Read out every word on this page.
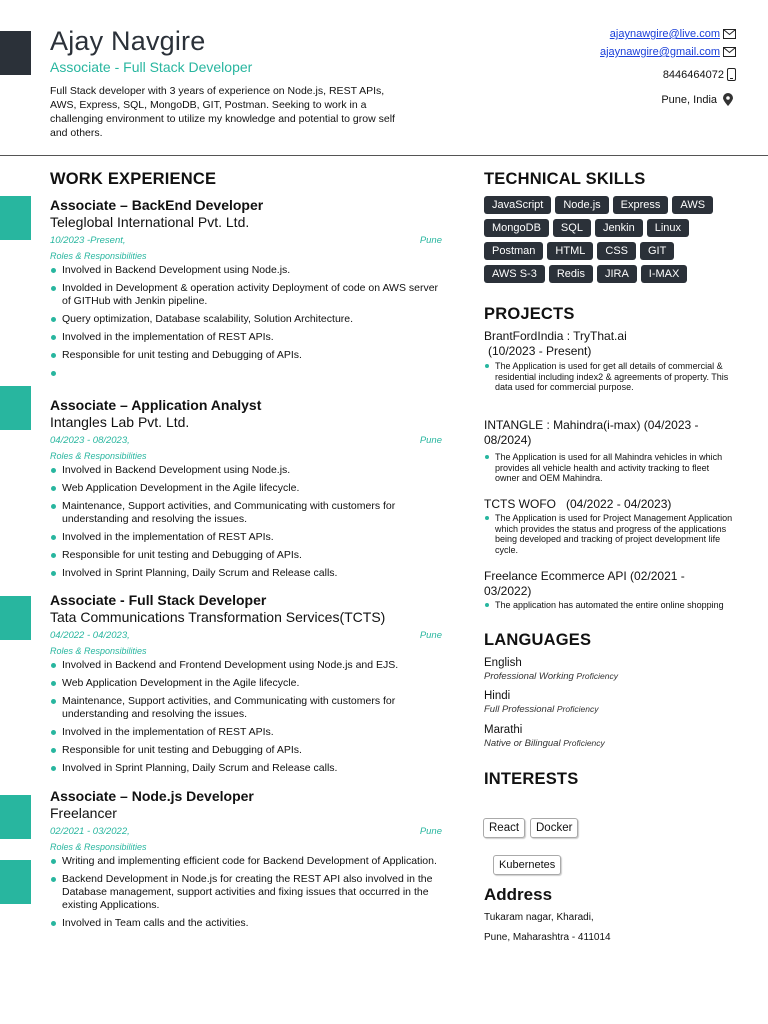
Ajay Navgire
Associate - Full Stack Developer
Full Stack developer with 3 years of experience on Node.js, REST APIs, AWS, Express, SQL, MongoDB, GIT, Postman. Seeking to work in a challenging environment to utilize my knowledge and potential to grow self and others.
ajaynawgire@live.com
ajaynawgire@gmail.com
8446464072
Pune, India
WORK EXPERIENCE
Associate – BackEnd Developer
Teleglobal International Pvt. Ltd.
10/2023 -Present,	Pune
Roles & Responsibilities
Involved in Backend Development using Node.js.
Involded in Development & operation activity Deployment of code on AWS server of GITHub with Jenkin pipeline.
Query optimization, Database scalability, Solution Architecture.
Involved in the implementation of REST APIs.
Responsible for unit testing and Debugging of APIs.
Associate – Application Analyst
Intangles Lab Pvt. Ltd.
04/2023 - 08/2023,	Pune
Roles & Responsibilities
Involved in Backend Development using Node.js.
Web Application Development in the Agile lifecycle.
Maintenance, Support activities, and Communicating with customers for understanding and resolving the issues.
Involved in the implementation of REST APIs.
Responsible for unit testing and Debugging of APIs.
Involved in Sprint Planning, Daily Scrum and Release calls.
Associate - Full Stack Developer
Tata Communications Transformation Services(TCTS)
04/2022 - 04/2023,	Pune
Roles & Responsibilities
Involved in Backend and Frontend Development using Node.js and EJS.
Web Application Development in the Agile lifecycle.
Maintenance, Support activities, and Communicating with customers for understanding and resolving the issues.
Involved in the implementation of REST APIs.
Responsible for unit testing and Debugging of APIs.
Involved in Sprint Planning, Daily Scrum and Release calls.
Associate – Node.js Developer
Freelancer
02/2021 - 03/2022,	Pune
Roles & Responsibilities
Writing and implementing efficient code for Backend Development of Application.
Backend Development in Node.js for creating the REST API also involved in the Database management, support activities and fixing issues that occurred in the existing Applications.
Involved in Team calls and the activities.
TECHNICAL SKILLS
JavaScript	Node.js	Express	AWS
MongoDB	SQL	Jenkin	Linux
Postman	HTML	CSS	GIT
AWS S-3	Redis	JIRA	I-MAX
PROJECTS
BrantFordIndia : TryThat.ai
(10/2023 - Present)
The Application is used for get all details of commercial & residential including index2 & agreements of property. This data used for commercial purpose.
INTANGLE : Mahindra(i-max) (04/2023 - 08/2024)
The Application is used for all Mahindra vehicles in which provides all vehicle health and activity tracking to fleet owner and OEM Mahindra.
TCTS WOFO   (04/2022 - 04/2023)
The Application is used for Project Management Application which provides the status and progress of the applications being developed and tracking of project development life cycle.
Freelance Ecommerce API (02/2021 - 03/2022)
The application has automated the entire online shopping
LANGUAGES
English
Professional Working Proficiency
Hindi
Full Professional Proficiency
Marathi
Native or Bilingual Proficiency
INTERESTS
React	Docker
Kubernetes
Address
Tukaram nagar, Kharadi,
Pune, Maharashtra - 411014
